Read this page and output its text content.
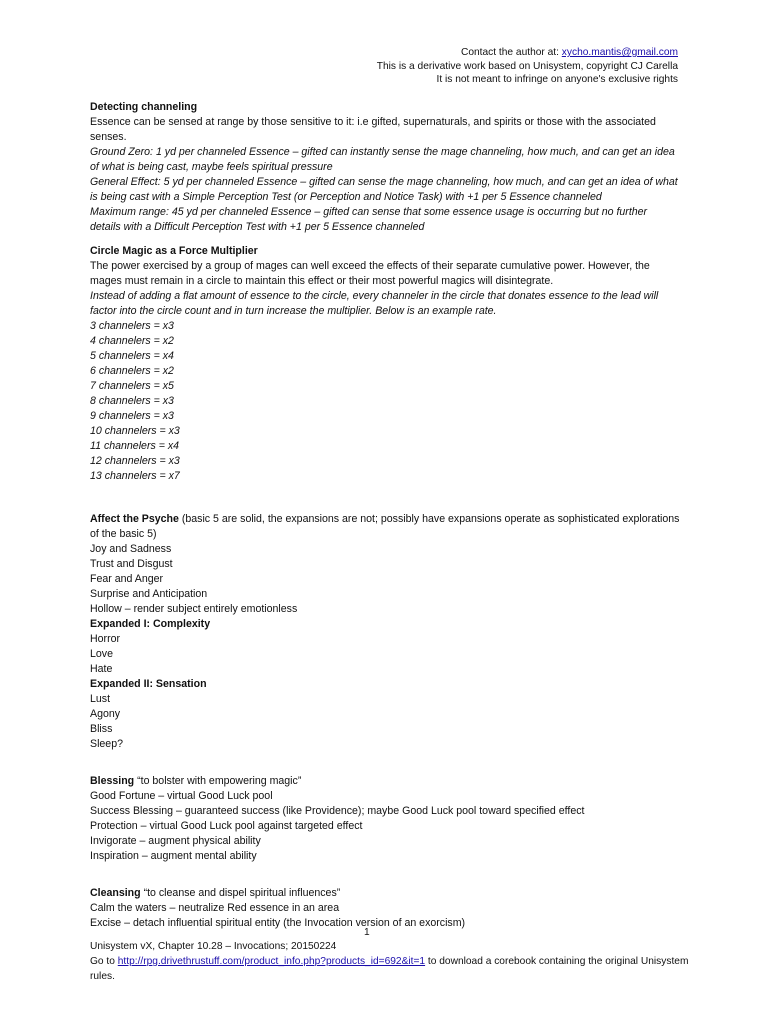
Contact the author at: xycho.mantis@gmail.com
This is a derivative work based on Unisystem, copyright CJ Carella
It is not meant to infringe on anyone's exclusive rights
Detecting channeling
Essence can be sensed at range by those sensitive to it: i.e gifted, supernaturals, and spirits or those with the associated senses.
Ground Zero: 1 yd per channeled Essence – gifted can instantly sense the mage channeling, how much, and can get an idea of what is being cast, maybe feels spiritual pressure
General Effect: 5 yd per channeled Essence – gifted can sense the mage channeling, how much, and can get an idea of what is being cast with a Simple Perception Test (or Perception and Notice Task) with +1 per 5 Essence channeled
Maximum range: 45 yd per channeled Essence – gifted can sense that some essence usage is occurring but no further details with a Difficult Perception Test with +1 per 5 Essence channeled
Circle Magic as a Force Multiplier
The power exercised by a group of mages can well exceed the effects of their separate cumulative power. However, the mages must remain in a circle to maintain this effect or their most powerful magics will disintegrate.
Instead of adding a flat amount of essence to the circle, every channeler in the circle that donates essence to the lead will factor into the circle count and in turn increase the multiplier. Below is an example rate.
3 channelers = x3
4 channelers = x2
5 channelers = x4
6 channelers = x2
7 channelers = x5
8 channelers = x3
9 channelers = x3
10 channelers = x3
11 channelers = x4
12 channelers = x3
13 channelers = x7
Affect the Psyche (basic 5 are solid, the expansions are not; possibly have expansions operate as sophisticated explorations of the basic 5)
Joy and Sadness
Trust and Disgust
Fear and Anger
Surprise and Anticipation
Hollow – render subject entirely emotionless
Expanded I: Complexity
Horror
Love
Hate
Expanded II: Sensation
Lust
Agony
Bliss
Sleep?
Blessing “to bolster with empowering magic”
Good Fortune – virtual Good Luck pool
Success Blessing – guaranteed success (like Providence); maybe Good Luck pool toward specified effect
Protection – virtual Good Luck pool against targeted effect
Invigorate – augment physical ability
Inspiration – augment mental ability
Cleansing “to cleanse and dispel spiritual influences”
Calm the waters – neutralize Red essence in an area
Excise – detach influential spiritual entity (the Invocation version of an exorcism)
1
Unisystem vX, Chapter 10.28 – Invocations; 20150224
Go to http://rpg.drivethrustuff.com/product_info.php?products_id=692&it=1 to download a corebook containing the original Unisystem rules.
